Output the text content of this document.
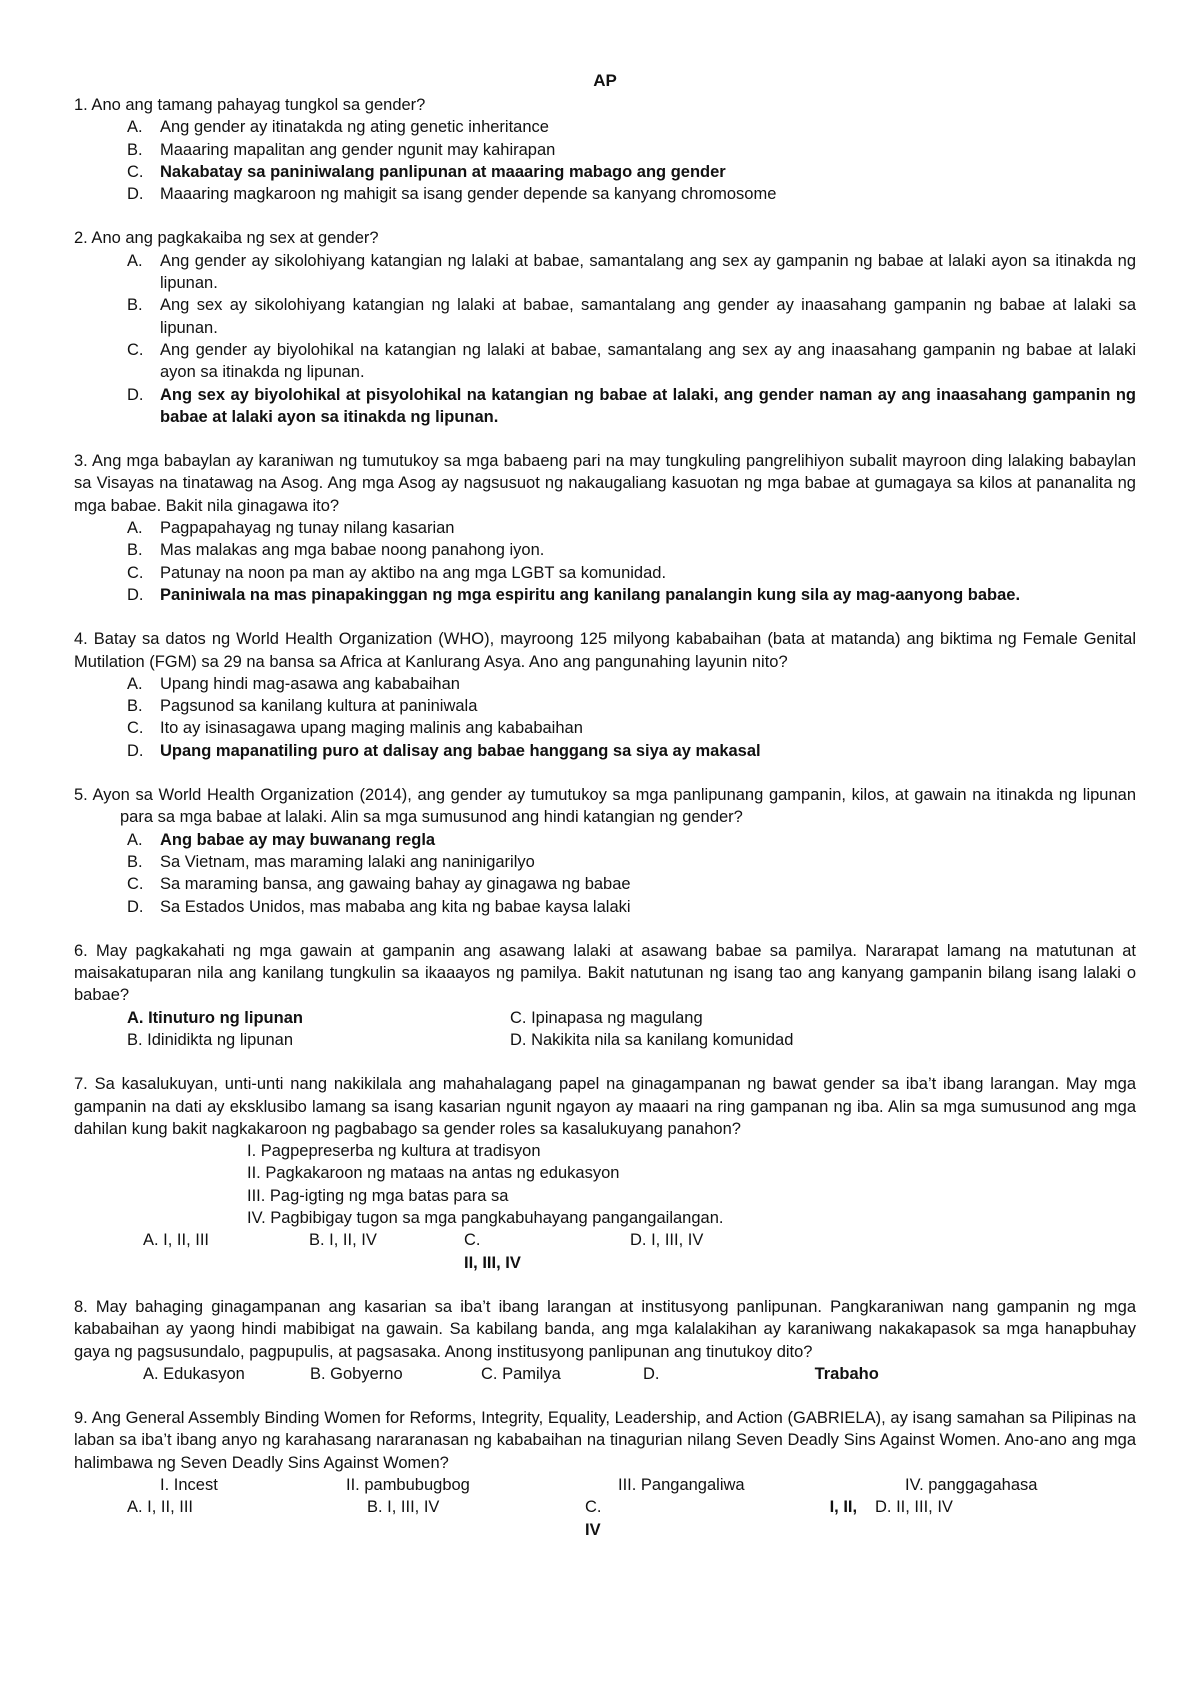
AP
1. Ano ang tamang pahayag tungkol sa gender?
A.	Ang gender ay itinatakda ng ating genetic inheritance
B.	Maaaring mapalitan ang gender ngunit may kahirapan
C.	Nakabatay sa paniniwalang panlipunan at maaaring mabago ang gender
D.	Maaaring magkaroon ng mahigit sa isang gender depende sa kanyang chromosome
2. Ano ang pagkakaiba ng sex at gender?
A.	Ang gender ay sikolohiyang katangian ng lalaki at babae, samantalang ang sex ay gampanin ng babae at lalaki ayon sa itinakda ng lipunan.
B.	Ang sex ay sikolohiyang katangian ng lalaki at babae, samantalang ang gender ay inaasahang gampanin ng babae at lalaki sa lipunan.
C.	Ang gender ay biyolohikal na katangian ng lalaki at babae, samantalang ang sex ay ang inaasahang gampanin ng babae at lalaki ayon sa itinakda ng lipunan.
D.	Ang sex ay biyolohikal at pisyolohikal na katangian ng babae at lalaki, ang gender naman ay ang inaasahang gampanin ng babae at lalaki ayon sa itinakda ng lipunan.
3. Ang mga babaylan ay karaniwan ng tumutukoy sa mga babaeng pari na may tungkuling pangrelihiyon subalit mayroon ding lalaking babaylan sa Visayas na tinatawag na Asog. Ang mga Asog ay nagsusuot ng nakaugaliang kasuotan ng mga babae at gumagaya sa kilos at pananalita ng mga babae. Bakit nila ginagawa ito?
A.	Pagpapahayag ng tunay nilang kasarian
B.	Mas malakas ang mga babae noong panahong iyon.
C.	Patunay na noon pa man ay aktibo na ang mga LGBT sa komunidad.
D.	Paniniwala na mas pinapakinggan ng mga espiritu ang kanilang panalangin kung sila ay mag-aanyong babae.
4. Batay sa datos ng World Health Organization (WHO), mayroong 125 milyong kababaihan (bata at matanda) ang biktima ng Female Genital Mutilation (FGM) sa 29 na bansa sa Africa at Kanlurang Asya. Ano ang pangunahing layunin nito?
A.	Upang hindi mag-asawa ang kababaihan
B.	Pagsunod sa kanilang kultura at paniniwala
C.	Ito ay isinasagawa upang maging malinis ang kababaihan
D.	Upang mapanatiling puro at dalisay ang babae hanggang sa siya ay makasal
5. Ayon sa World Health Organization (2014), ang gender ay tumutukoy sa mga panlipunang gampanin, kilos, at gawain na itinakda ng lipunan para sa mga babae at lalaki. Alin sa mga sumusunod ang hindi katangian ng gender?
A.	Ang babae ay may buwanang regla
B.	Sa Vietnam, mas maraming lalaki ang naninigarilyo
C.	Sa maraming bansa, ang gawaing bahay ay ginagawa ng babae
D.	Sa Estados Unidos, mas mababa ang kita ng babae kaysa lalaki
6. May pagkakahati ng mga gawain at gampanin ang asawang lalaki at asawang babae sa pamilya. Nararapat lamang na matutunan at maisakatuparan nila ang kanilang tungkulin sa ikaaayos ng pamilya. Bakit natutunan ng isang tao ang kanyang gampanin bilang isang lalaki o babae?
A. Itinuturo ng lipunan	C. Ipinapasa ng magulang
B. Idinidikta ng lipunan	D. Nakikita nila sa kanilang komunidad
7. Sa kasalukuyan, unti-unti nang nakikilala ang mahahalagang papel na ginagampanan ng bawat gender sa iba’t ibang larangan. May mga gampanin na dati ay eksklusibo lamang sa isang kasarian ngunit ngayon ay maaari na ring gampanan ng iba. Alin sa mga sumusunod ang mga dahilan kung bakit nagkakaroon ng pagbabago sa gender roles sa kasalukuyang panahon?
I. Pagpepreserba ng kultura at tradisyon
II. Pagkakaroon ng mataas na antas ng edukasyon
III. Pag-igting ng mga batas para sa
IV. Pagbibigay tugon sa mga pangkabuhayang pangangailangan.
A. I, II, III	B. I, II, IV	C. II, III, IV
D. I, III, IV
8. May bahaging ginagampanan ang kasarian sa iba’t ibang larangan at institusyong panlipunan. Pangkaraniwan nang gampanin ng mga kababaihan ay yaong hindi mabibigat na gawain. Sa kabilang banda, ang mga kalalakihan ay karaniwang nakakapasok sa mga hanapbuhay gaya ng pagsusundalo, pagpupulis, at pagsasaka. Anong institusyong panlipunan ang tinutukoy dito?
A. Edukasyon	B. Gobyerno	C. Pamilya	D.	Trabaho
9. Ang General Assembly Binding Women for Reforms, Integrity, Equality, Leadership, and Action (GABRIELA), ay isang samahan sa Pilipinas na laban sa iba’t ibang anyo ng karahasang nararanasan ng kababaihan na tinagurian nilang Seven Deadly Sins Against Women. Ano-ano ang mga halimbawa ng Seven Deadly Sins Against Women?
I. Incest	II. pambubugbog	III. Pangangaliwa	IV. panggagahasa
A. I, II, III	B. I, III, IV	C.	I, II, IV
D. II, III, IV
